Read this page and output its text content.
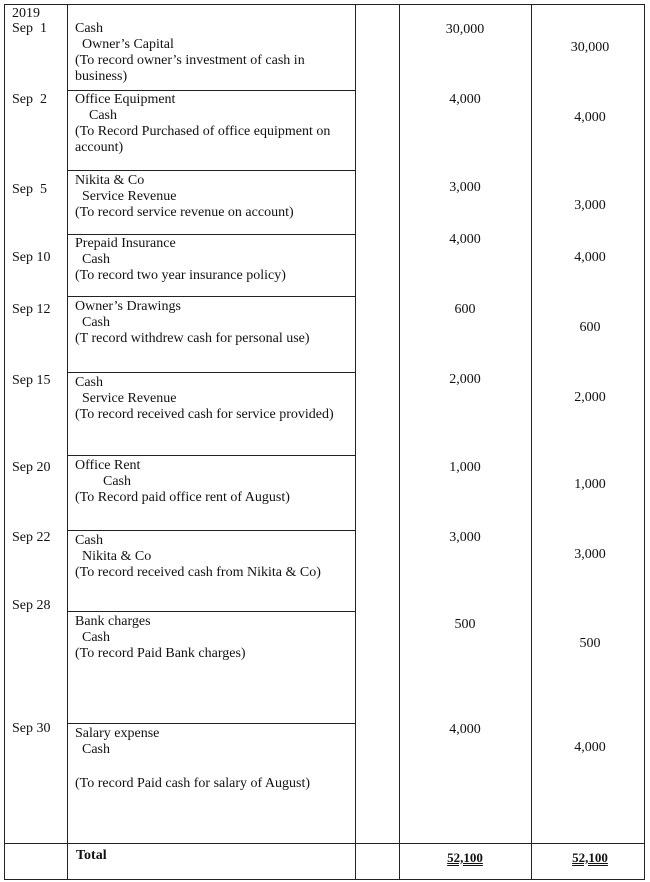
2019
Sep  1 Cash
Owner’s Capital
(To record owner’s investment of cash in business)
30,000
30,000
Sep  2 Office Equipment
Cash
(To Record Purchased of office equipment on account)
4,000
4,000
Sep  5
Nikita & Co
Service Revenue
(To record service revenue on account)
3,000
3,000
Sep 10
Prepaid Insurance
Cash
(To record two year insurance policy)
4,000
4,000
Sep 12 Owner’s Drawings
Cash
(T record withdrew cash for personal use)
600
600
Sep 15 Cash
Service Revenue
(To record received cash for service provided)
2,000
2,000
Sep 20 Office Rent
Cash
(To Record paid office rent of August)
1,000
1,000
Sep 22 Cash
Nikita & Co
(To record received cash from Nikita & Co)
3,000
3,000
Sep 28
Bank charges
Cash
(To record Paid Bank charges)
500
500
Sep 30 Salary expense
Cash
(To record Paid cash for salary of August)
4,000
4,000
Total	52,100	52,100
